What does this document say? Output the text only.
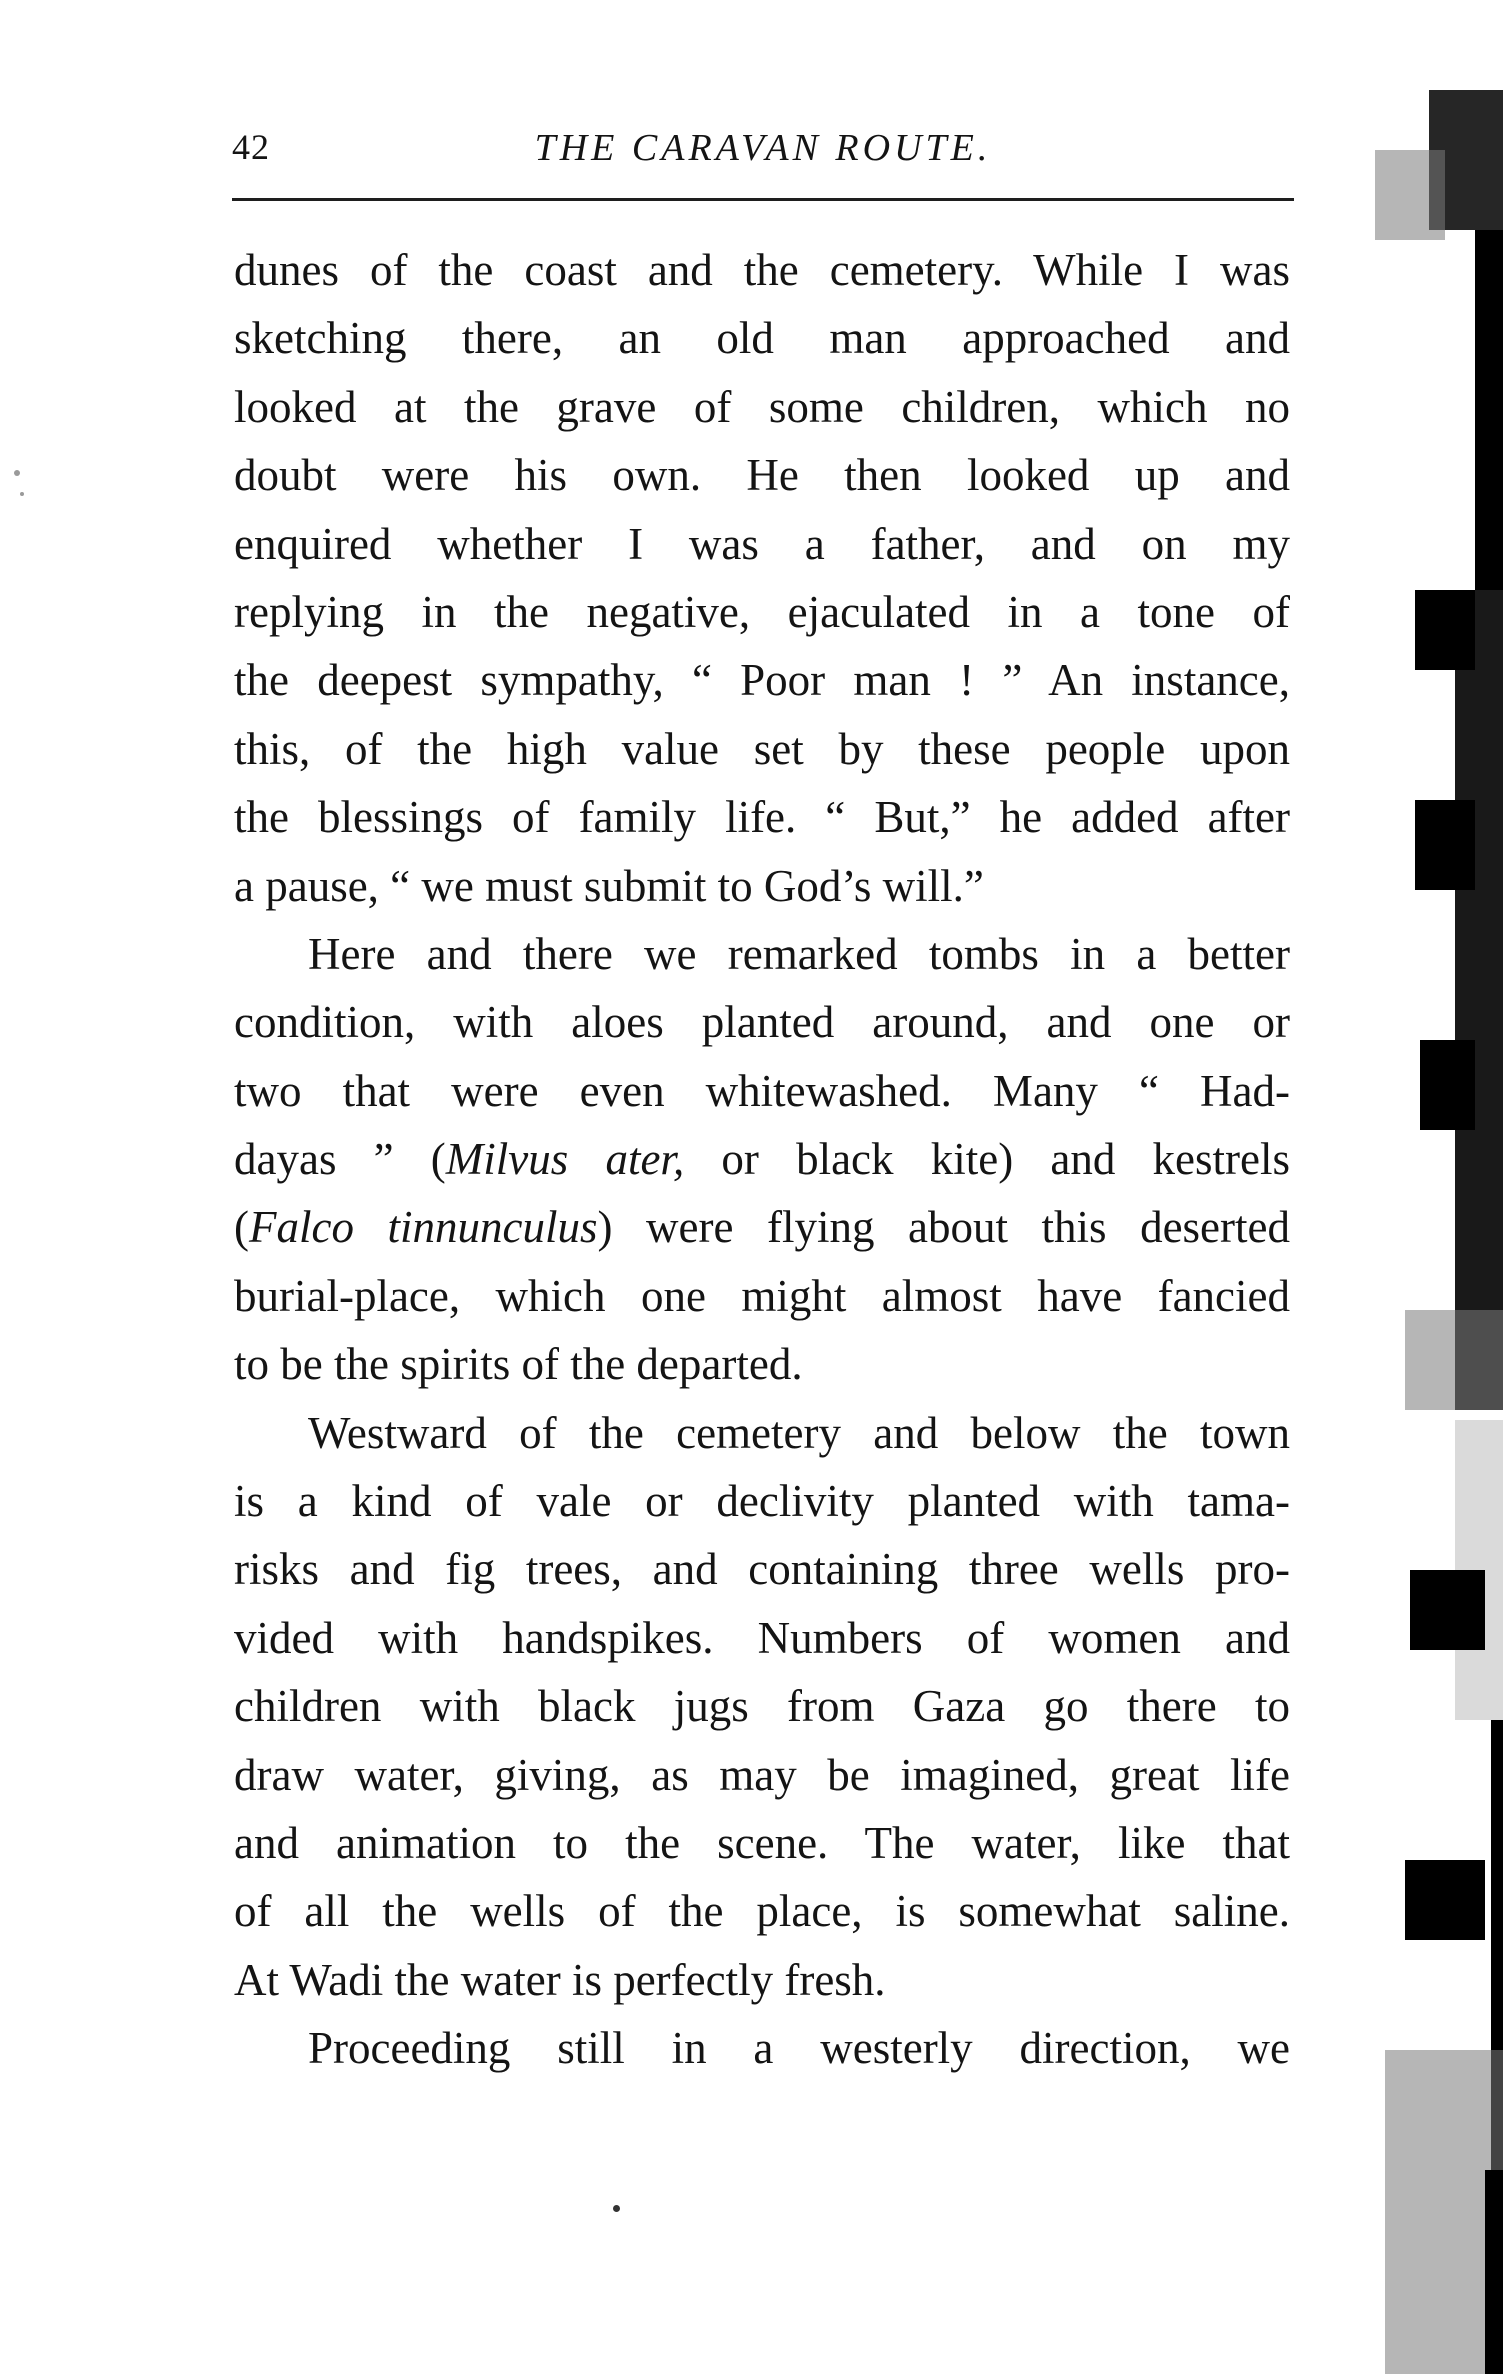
42	THE CARAVAN ROUTE.
dunes of the coast and the cemetery. While I was
sketching there, an old man approached and
looked at the grave of some children, which no
doubt were his own. He then looked up and
enquired whether I was a father, and on my
replying in the negative, ejaculated in a tone of
the deepest sympathy, “ Poor man ! ” An instance,
this, of the high value set by these people upon
the blessings of family life. “ But,” he added after
a pause, “ we must submit to God’s will.”
Here and there we remarked tombs in a better
condition, with aloes planted around, and one or
two that were even whitewashed. Many “ Had-
dayas ” (Milvus ater, or black kite) and kestrels
(Falco tinnunculus) were flying about this deserted
burial-place, which one might almost have fancied
to be the spirits of the departed.
Westward of the cemetery and below the town
is a kind of vale or declivity planted with tama-
risks and fig trees, and containing three wells pro-
vided with handspikes. Numbers of women and
children with black jugs from Gaza go there to
draw water, giving, as may be imagined, great life
and animation to the scene. The water, like that
of all the wells of the place, is somewhat saline.
At Wadi the water is perfectly fresh.
Proceeding still in a westerly direction, we
